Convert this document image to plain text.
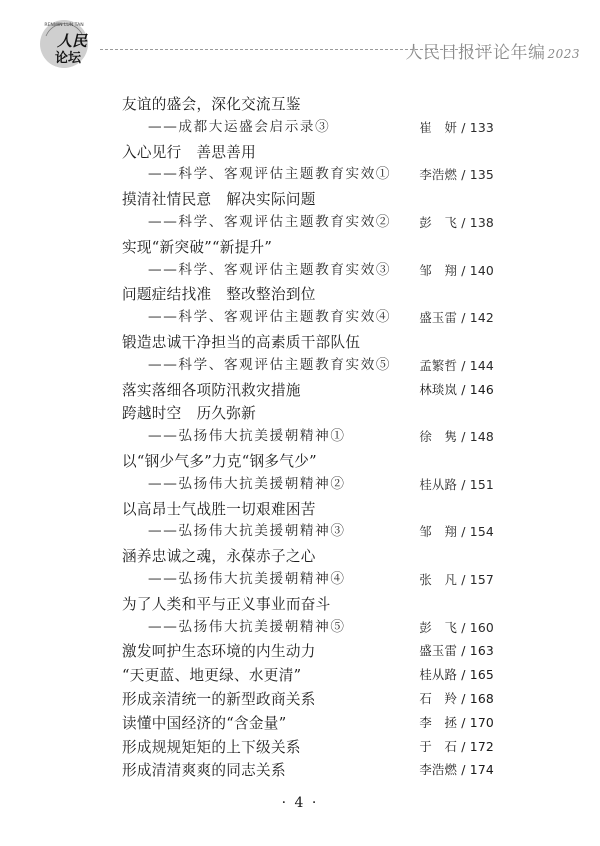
RENMIN LUN TAN
人民
论坛	人民日报评论年编 2023
友谊的盛会，深化交流互鉴
——成都大运盛会启示录③	崔　妍 / 133
入心见行　善思善用
——科学、客观评估主题教育实效① 李浩燃 / 135
摸清社情民意　解决实际问题
——科学、客观评估主题教育实效② 彭　飞 / 138
实现“新突破”“新提升”
——科学、客观评估主题教育实效③ 邹　翔 / 140
问题症结找准　整改整治到位
——科学、客观评估主题教育实效④ 盛玉雷 / 142
锻造忠诚干净担当的高素质干部队伍
——科学、客观评估主题教育实效⑤ 孟繁哲 / 144
落实落细各项防汛救灾措施	林琰岚 / 146
跨越时空　历久弥新
——弘扬伟大抗美援朝精神①	徐　隽 / 148
以“钢少气多”力克“钢多气少”
——弘扬伟大抗美援朝精神②	桂从路 / 151
以高昂士气战胜一切艰难困苦
——弘扬伟大抗美援朝精神③	邹　翔 / 154
涵养忠诚之魂，永葆赤子之心
——弘扬伟大抗美援朝精神④	张　凡 / 157
为了人类和平与正义事业而奋斗
——弘扬伟大抗美援朝精神⑤	彭　飞 / 160
激发呵护生态环境的内生动力	盛玉雷 / 163
“天更蓝、地更绿、水更清”	桂从路 / 165
形成亲清统一的新型政商关系	石　羚 / 168
读懂中国经济的“含金量”	李　拯 / 170
形成规规矩矩的上下级关系	于　石 / 172
形成清清爽爽的同志关系	李浩燃 / 174
· 4 ·
